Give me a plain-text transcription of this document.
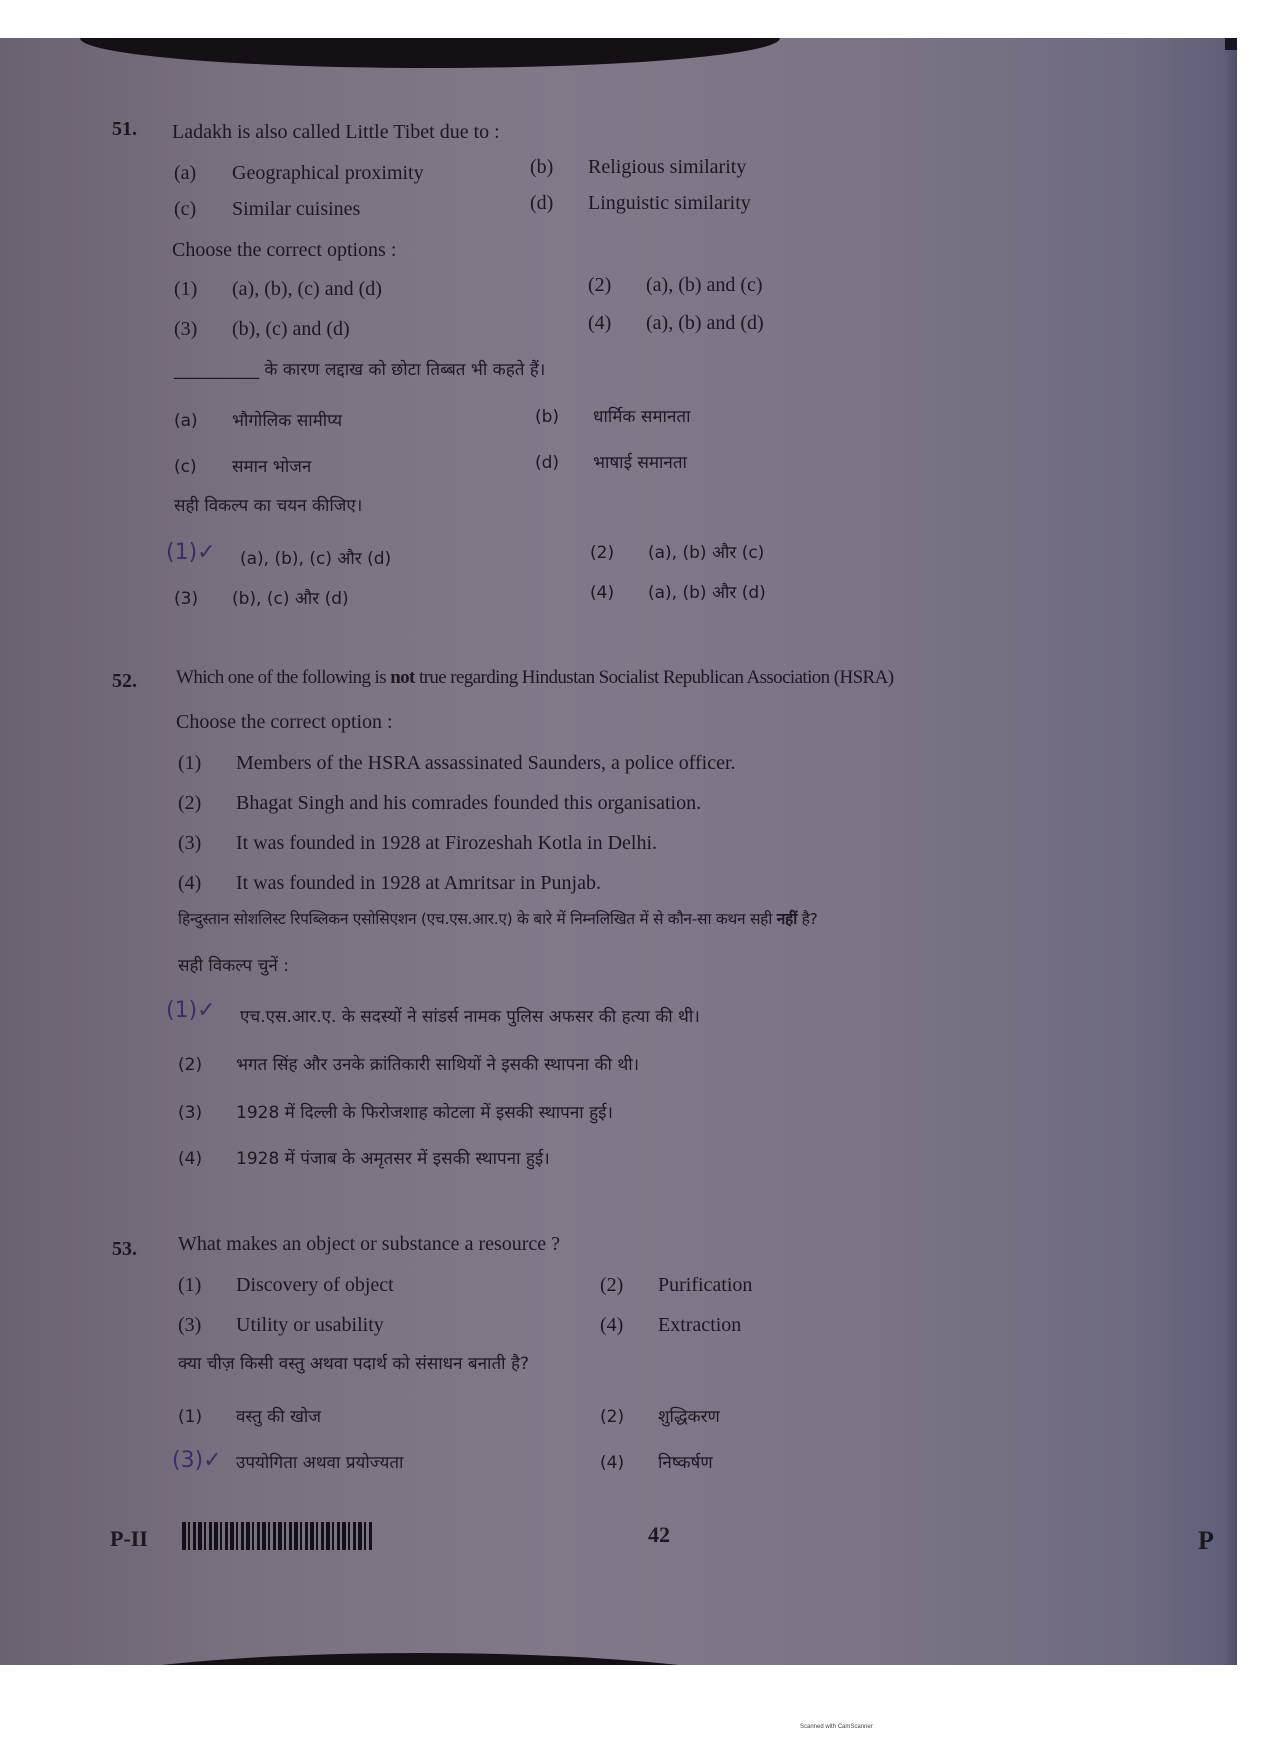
51. Ladakh is also called Little Tibet due to :
(a) Geographical proximity	(b) Religious similarity
(c) Similar cuisines	(d) Linguistic similarity
Choose the correct options :
(1) (a), (b), (c) and (d)	(2) (a), (b) and (c)
(3) (b), (c) and (d)	(4) (a), (b) and (d)
__________ के कारण लद्दाख को छोटा तिब्बत भी कहते हैं।
(a) भौगोलिक सामीप्य	(b) धार्मिक समानता
(c) समान भोजन	(d) भाषाई समानता
सही विकल्प का चयन कीजिए।
(1)✓ (a), (b), (c) और (d)	(2) (a), (b) और (c)
(3) (b), (c) और (d)	(4) (a), (b) और (d)
52. Which one of the following is not true regarding Hindustan Socialist Republican Association (HSRA)
Choose the correct option :
(1) Members of the HSRA assassinated Saunders, a police officer.
(2) Bhagat Singh and his comrades founded this organisation.
(3) It was founded in 1928 at Firozeshah Kotla in Delhi.
(4) It was founded in 1928 at Amritsar in Punjab.
हिन्दुस्तान सोशलिस्ट रिपब्लिकन एसोसिएशन (एच.एस.आर.ए) के बारे में निम्नलिखित में से कौन-सा कथन सही नहीं है?
सही विकल्प चुनें :
(1)✓ एच.एस.आर.ए. के सदस्यों ने सांडर्स नामक पुलिस अफसर की हत्या की थी।
(2) भगत सिंह और उनके क्रांतिकारी साथियों ने इसकी स्थापना की थी।
(3) 1928 में दिल्ली के फिरोजशाह कोटला में इसकी स्थापना हुई।
(4) 1928 में पंजाब के अमृतसर में इसकी स्थापना हुई।
53. What makes an object or substance a resource ?
(1) Discovery of object	(2) Purification
(3) Utility or usability	(4) Extraction
क्या चीज़ किसी वस्तु अथवा पदार्थ को संसाधन बनाती है?
(1) वस्तु की खोज	(2) शुद्धिकरण
(3)✓ उपयोगिता अथवा प्रयोज्यता	(4) निष्कर्षण
P-II	42	P
Scanned with CamScanner
